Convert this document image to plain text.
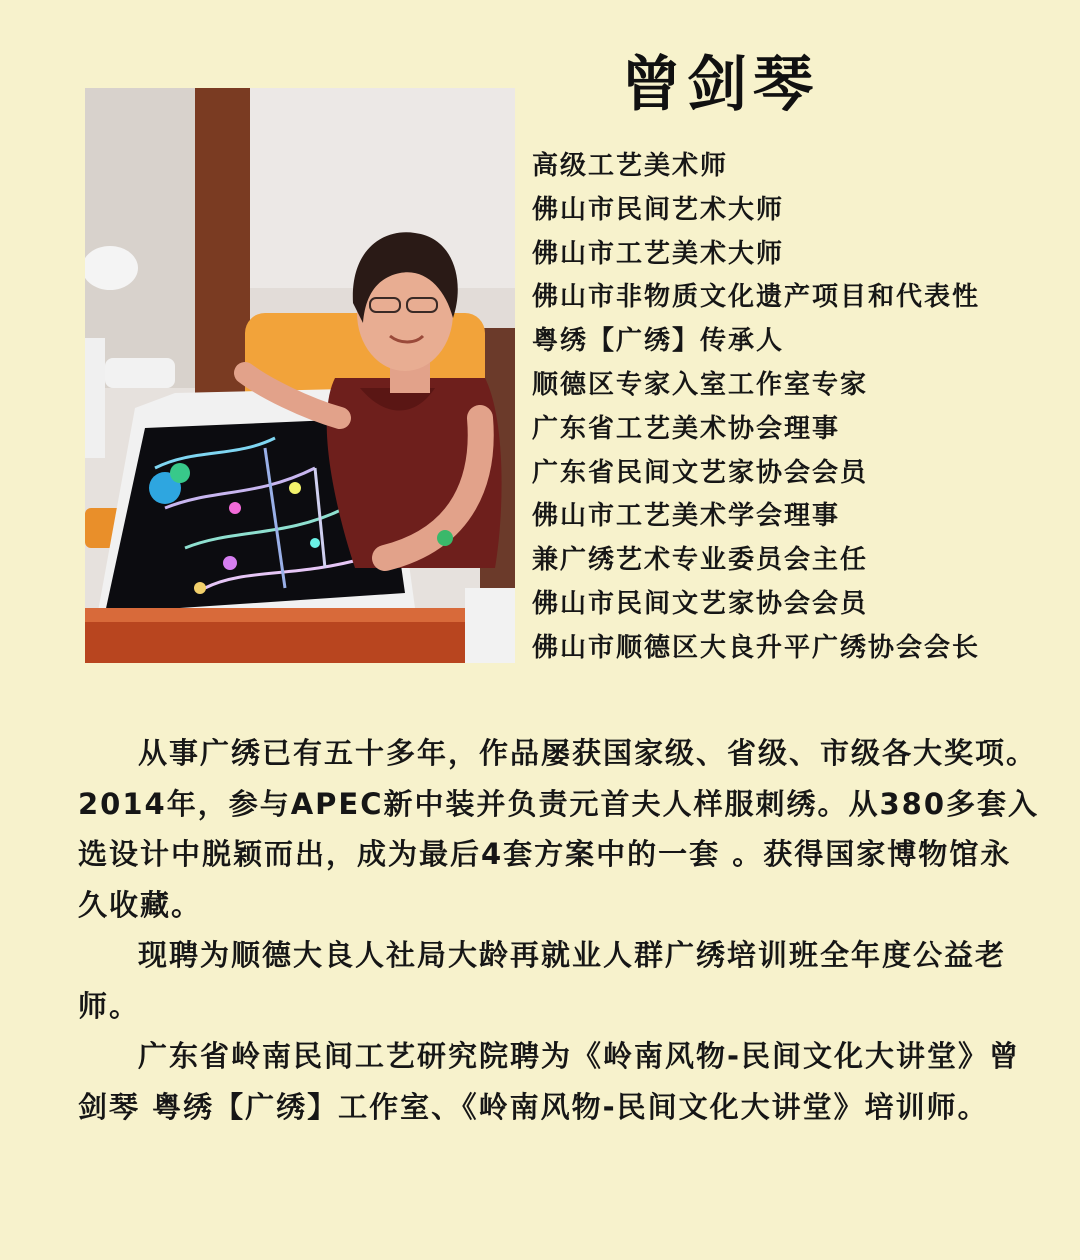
曾剑琴
高级工艺美术师
佛山市民间艺术大师
佛山市工艺美术大师
佛山市非物质文化遗产项目和代表性
粤绣【广绣】传承人
顺德区专家入室工作室专家
广东省工艺美术协会理事
广东省民间文艺家协会会员
佛山市工艺美术学会理事
兼广绣艺术专业委员会主任
佛山市民间文艺家协会会员
佛山市顺德区大良升平广绣协会会长

从事广绣已有五十多年，作品屡获国家级、省级、市级各大奖项。2014年，参与APEC新中装并负责元首夫人样服刺绣。从380多套入选设计中脱颖而出，成为最后4套方案中的一套 。获得国家博物馆永久收藏。

现聘为顺德大良人社局大龄再就业人群广绣培训班全年度公益老师。

广东省岭南民间工艺研究院聘为《岭南风物-民间文化大讲堂》曾剑琴 粤绣【广绣】工作室、《岭南风物-民间文化大讲堂》培训师。
